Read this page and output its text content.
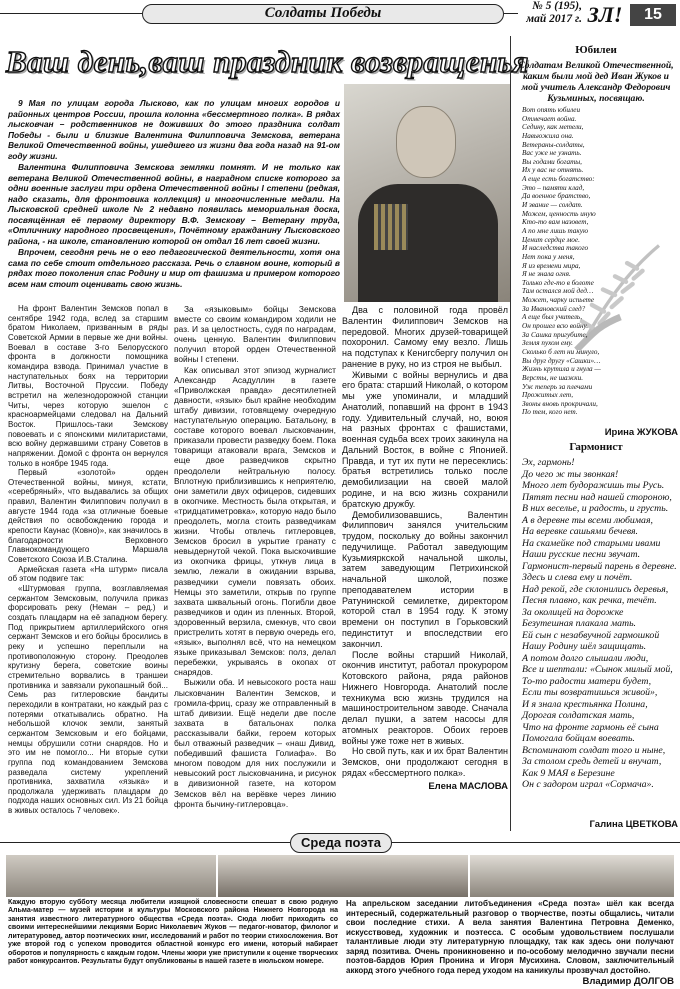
Солдаты Победы	№ 5 (195),
май 2017 г. ЗЛ!	15
Ваш день,ваш праздник возвращенья

9 Мая по улицам города Лысково, как по улицам многих городов и районных центров России, прошла колонна «бессмертного полка». В рядах лысковчан – родственников не доживших до этого праздника солдат Победы - были и близкие Валентина Филипповича Земскова, ветерана Великой Отечественной войны, ушедшего из жизни два года назад на 91-ом году жизни.

Валентина Филипповича Земскова земляки помнят. И не только как ветерана Великой Отечественной войны, в наградном списке которого за одни военные заслуги три ордена Отечественной войны I степени (редкая, надо сказать, для фронтовика коллекция) и многочисленные медали. На Лысковской средней школе № 2 недавно появилась мемориальная доска, посвящённая её первому директору В.Ф. Земскову – Ветерану труда, «Отличнику народного просвещения», Почётному гражданину Лысковского района, - на школе, становлению которой он отдал 16 лет своей жизни.

Впрочем, сегодня речь не о его педагогической деятельности, хотя она сама по себе стоит отдельного рассказа. Речь о славном воине, который в рядах того поколения спас Родину и мир от фашизма и примером которого всем нам стоит оценивать свою жизнь.

На фронт Валентин Земсков попал в сентябре 1942 года, вслед за старшим братом Николаем, призванным в ряды Советской Армии в первые же дни войны. Воевал в составе 3-го Белорусского фронта в должности помощника командира взвода. Принимал участие в наступательных боях на территории Литвы, Восточной Пруссии. Победу встретил на железнодорожной станции Читы, через которую эшелон с красноармейцами следовал на Дальний Восток. Пришлось-таки Земскову повоевать и с японскими милитаристами, всю войну державшими страну Советов в напряжении. Домой с фронта он вернулся только в ноябре 1945 года.

Первый «золотой» орден Отечественной войны, минуя, кстати, «серебряный», что выдавались за общих правил, Валентин Филиппович получил в августе 1944 года «за отличные боевые действия по освобождению города и крепости Каунас (Ковно)», как значилось в благодарности Верховного Главнокомандующего Маршала Советского Союза И.В.Сталина.

Армейская газета «На штурм» писала об этом подвиге так:

«Штурмовая группа, возглавляемая сержантом Земсковым, получила приказ форсировать реку (Неман – ред.) и создать плацдарм на её западном берегу. Под прикрытием артиллерийского огня сержант Земсков и его бойцы бросились в реку и успешно переплыли на противоположную сторону. Преодолев крутизну берега, советские воины стремительно ворвались в траншеи противника и завязали рукопашный бой... Семь раз гитлеровские бандиты переходили в контратаки, но каждый раз с потерями откатывались обратно. На небольшой клочок земли, занятый сержантом Земсковым и его бойцами, немцы обрушили сотни снарядов. Но и это им не помогло... Ни вторые сутки группа под командованием Земскова разведала систему укреплений противника, захватила «языка» и продолжала удерживать плацдарм до подхода наших основных сил. Из 21 бойца в живых осталось 7 человек».

За «языковым» бойцы Земскова вместе со своим командиром ходили не раз. И за целостность, судя по наградам, очень ценную. Валентин Филиппович получил второй орден Отечественной войны I степени.

Как описывал этот эпизод журналист Александр Асадуллин в газете «Приволжская правда» десятилетней давности, «язык» был крайне необходим штабу дивизии, готовящему очередную наступательную операцию. Батальону, в составе которого воевал лысковчанин, приказали провести разведку боем. Пока товарищи атаковали врага, Земсков и еще двое разведчиков скрытно преодолели нейтральную полосу. Вплотную приблизившись к неприятелю, они заметили двух офицеров, сидевших в окопчике. Местность была открытая, и «тридцатиметровка», которую надо было преодолеть, могла стоить разведчикам жизни. Чтобы отвлечь гитлеровцев, Земсков бросил в укрытие гранату с невыдернутой чекой. Пока выскочившие из окопчика фрицы, уткнув лица в землю, лежали в ожидании взрыва, разведчики сумели повязать обоих. Немцы это заметили, открыв по группе захвата шквальный огонь. Погибли двое разведчиков и один из пленных. Второй, здоровенный верзила, смекнув, что свои пристрелить хотят в первую очередь его, «язык», выполнял всё, что на немецком языке приказывал Земсков: полз, делал перебежки, укрываясь в окопах от снарядов.

Выжили оба. И невысокого роста наш лысковчанин Валентин Земсков, и громила-фриц, сразу же отправленный в штаб дивизии. Ещё недели две после захвата в батальонах полка рассказывали байки, героем которых был отважный разведчик – «наш Дивид, победивший фашиста Голиафа». Во многом поводом для них послужили и невысокий рост лысковчанина, и рисунок в дивизионной газете, на котором Земсков вёл на верёвке через линию фронта бычину-гитлеровца».

Два с половиной года провёл Валентин Филиппович Земсков на передовой. Многих друзей-товарищей похоронил. Самому ему везло. Лишь на подступах к Кенигсбергу получил он ранение в руку, но из строя не выбыл.

Живыми с войны вернулись и два его брата: старший Николай, о котором мы уже упоминали, и младший Анатолий, попавший на фронт в 1943 году. Удивительный случай, но, воюя на разных фронтах с фашистами, военная судьба всех троих закинула на Дальний Восток, в войне с Японией. Правда, и тут их пути не пересеклись: братья встретились только после демобилизации на своей малой родине, и на всю жизнь сохранили братскую дружбу.

Демобилизовавшись, Валентин Филиппович занялся учительским трудом, поскольку до войны закончил педучилище. Работал заведующим Кузьмияркской начальной школы, затем заведующим Петрихинской начальной школой, позже преподавателем истории в Ратунинской семилетке, директором которой стал в 1954 году. К этому времени он поступил в Горьковский пединститут и впоследствии его закончил.

После войны старший Николай, окончив институт, работал прокурором Котовского района, ряда районов Нижнего Новгорода. Анатолий после техникума всю жизнь трудился на машиностроительном заводе. Сначала делал пушки, а затем насосы для атомных реакторов. Обоих героев войны уже тоже нет в живых.

Но свой путь, как и их брат Валентин Земсков, они продолжают сегодня в рядах «бессмертного полка».

Елена МАСЛОВА
Юбилеи
Солдатам Великой Отечественной, каким были мой дед Иван Жуков и мой учитель Александр Федорович Кузьминых, посвящаю.
Вот опять юбилеи
Отмечает война.
Седину, как метели,
Навьюжила она.
Ветераны-солдаты,
Вас уже не узнать.
Вы годами богаты,
Их у вас не отнять.
А еще есть богатство:
Это – памяти клад,
Да военное братство,
И звание — солдат.
Можем, ценность иную
Кто-то вам назовет,
А по мне лишь такую
Ценит сердце мое.
И наследства такого
Нет пока у меня,
Я из времени мира,
Я не знала огня.
Только где-то в болоте
Там остался мой дед…
Может, чарку испьете
За Ивановский след?
А еще был учитель,
Он прошел всю войну.
За Сашка пригубите,
Земля пухом ему.
Сколько б лет ни минуло,
Вы друг другу «Сашки»…
Жизнь крутила и гнула —
Версты, не шажки.
Уж теперь за плечами
Прожитых лет,
Звоны вновь прокричали,
По тем, кого нет.
Ирина ЖУКОВА
Гармонист
Эх, гармонь!
До чего ж ты звонкая!
Много лет будоражишь ты Русь.
Пятят песни над нашей стороною,
В них веселье, и радость, и грусть.
А в деревне ты всеми любимая,
На веревке сашьями бечевя.
На скамейке под старыми ивами
Наши русские песни звучат.
Гармонист-первый парень в деревне.
Здесь и слева ему и почёт.
Над рекой, где склонились деревья,
Песня плавно, как речка, течёт.
За околицей на дорожке
Безутешная плакала мать.
Ей сын с незабвучной гармошкой
Нашу Родину шёл защищать.
А потом долго слышали люди,
Все и шептали: «Сынок милый мой,
То-то радости матери будет,
Если ты возвратишься живой»,
И я знала крестьянка Полина,
Дорогая солдатская мать,
Что на фронте гармонь её сына
Помогала бойцам воевать.
Вспоминают солдат того и ныне,
За столом средь детей и внучат,
Как 9 МАЯ в Березине
Он с задором играл «Сормача».
Галина ЦВЕТКОВА
Среда поэта
Каждую вторую субботу месяца любители изящной словесности спешат в свою родную Альма-матер — музей истории и культуры Московского района Нижнего Новгорода на занятия известного литературного общества «Среда поэта». Сюда любит приходить со своими интереснейшими лекциями Борис Николаевич Жуков — педагог-новатор, филолог и литературовед, автор поэтических книг, исследований и работ по теории стихосложения. Вот уже второй год с успехом проводится областной конкурс его имени, который набирает оборотов и популярность с каждым годом. Члены жюри уже приступили к оценке творческих работ конкурсантов. Результаты будут опубликованы в нашей газете в июльском номере.
На апрельском заседании литобъединения «Среда поэта» шёл как всегда интересный, содержательный разговор о творчестве, поэты общались, читали свои последние стихи. А вела занятия Валентина Петровна Деменко, искусствовед, художник и поэтесса. С особым удовольствием послушали талантливые люди эту литературную площадку, так как здесь они получают заряд позитива. Очень проникновенно и по-особому мелодично звучали песни поэтов-бардов Юрия Пронина и Игоря Мусихина. Словом, заключительный аккорд этого учебного года перед уходом на каникулы прозвучал достойно.
Владимир ДОЛГОВ
